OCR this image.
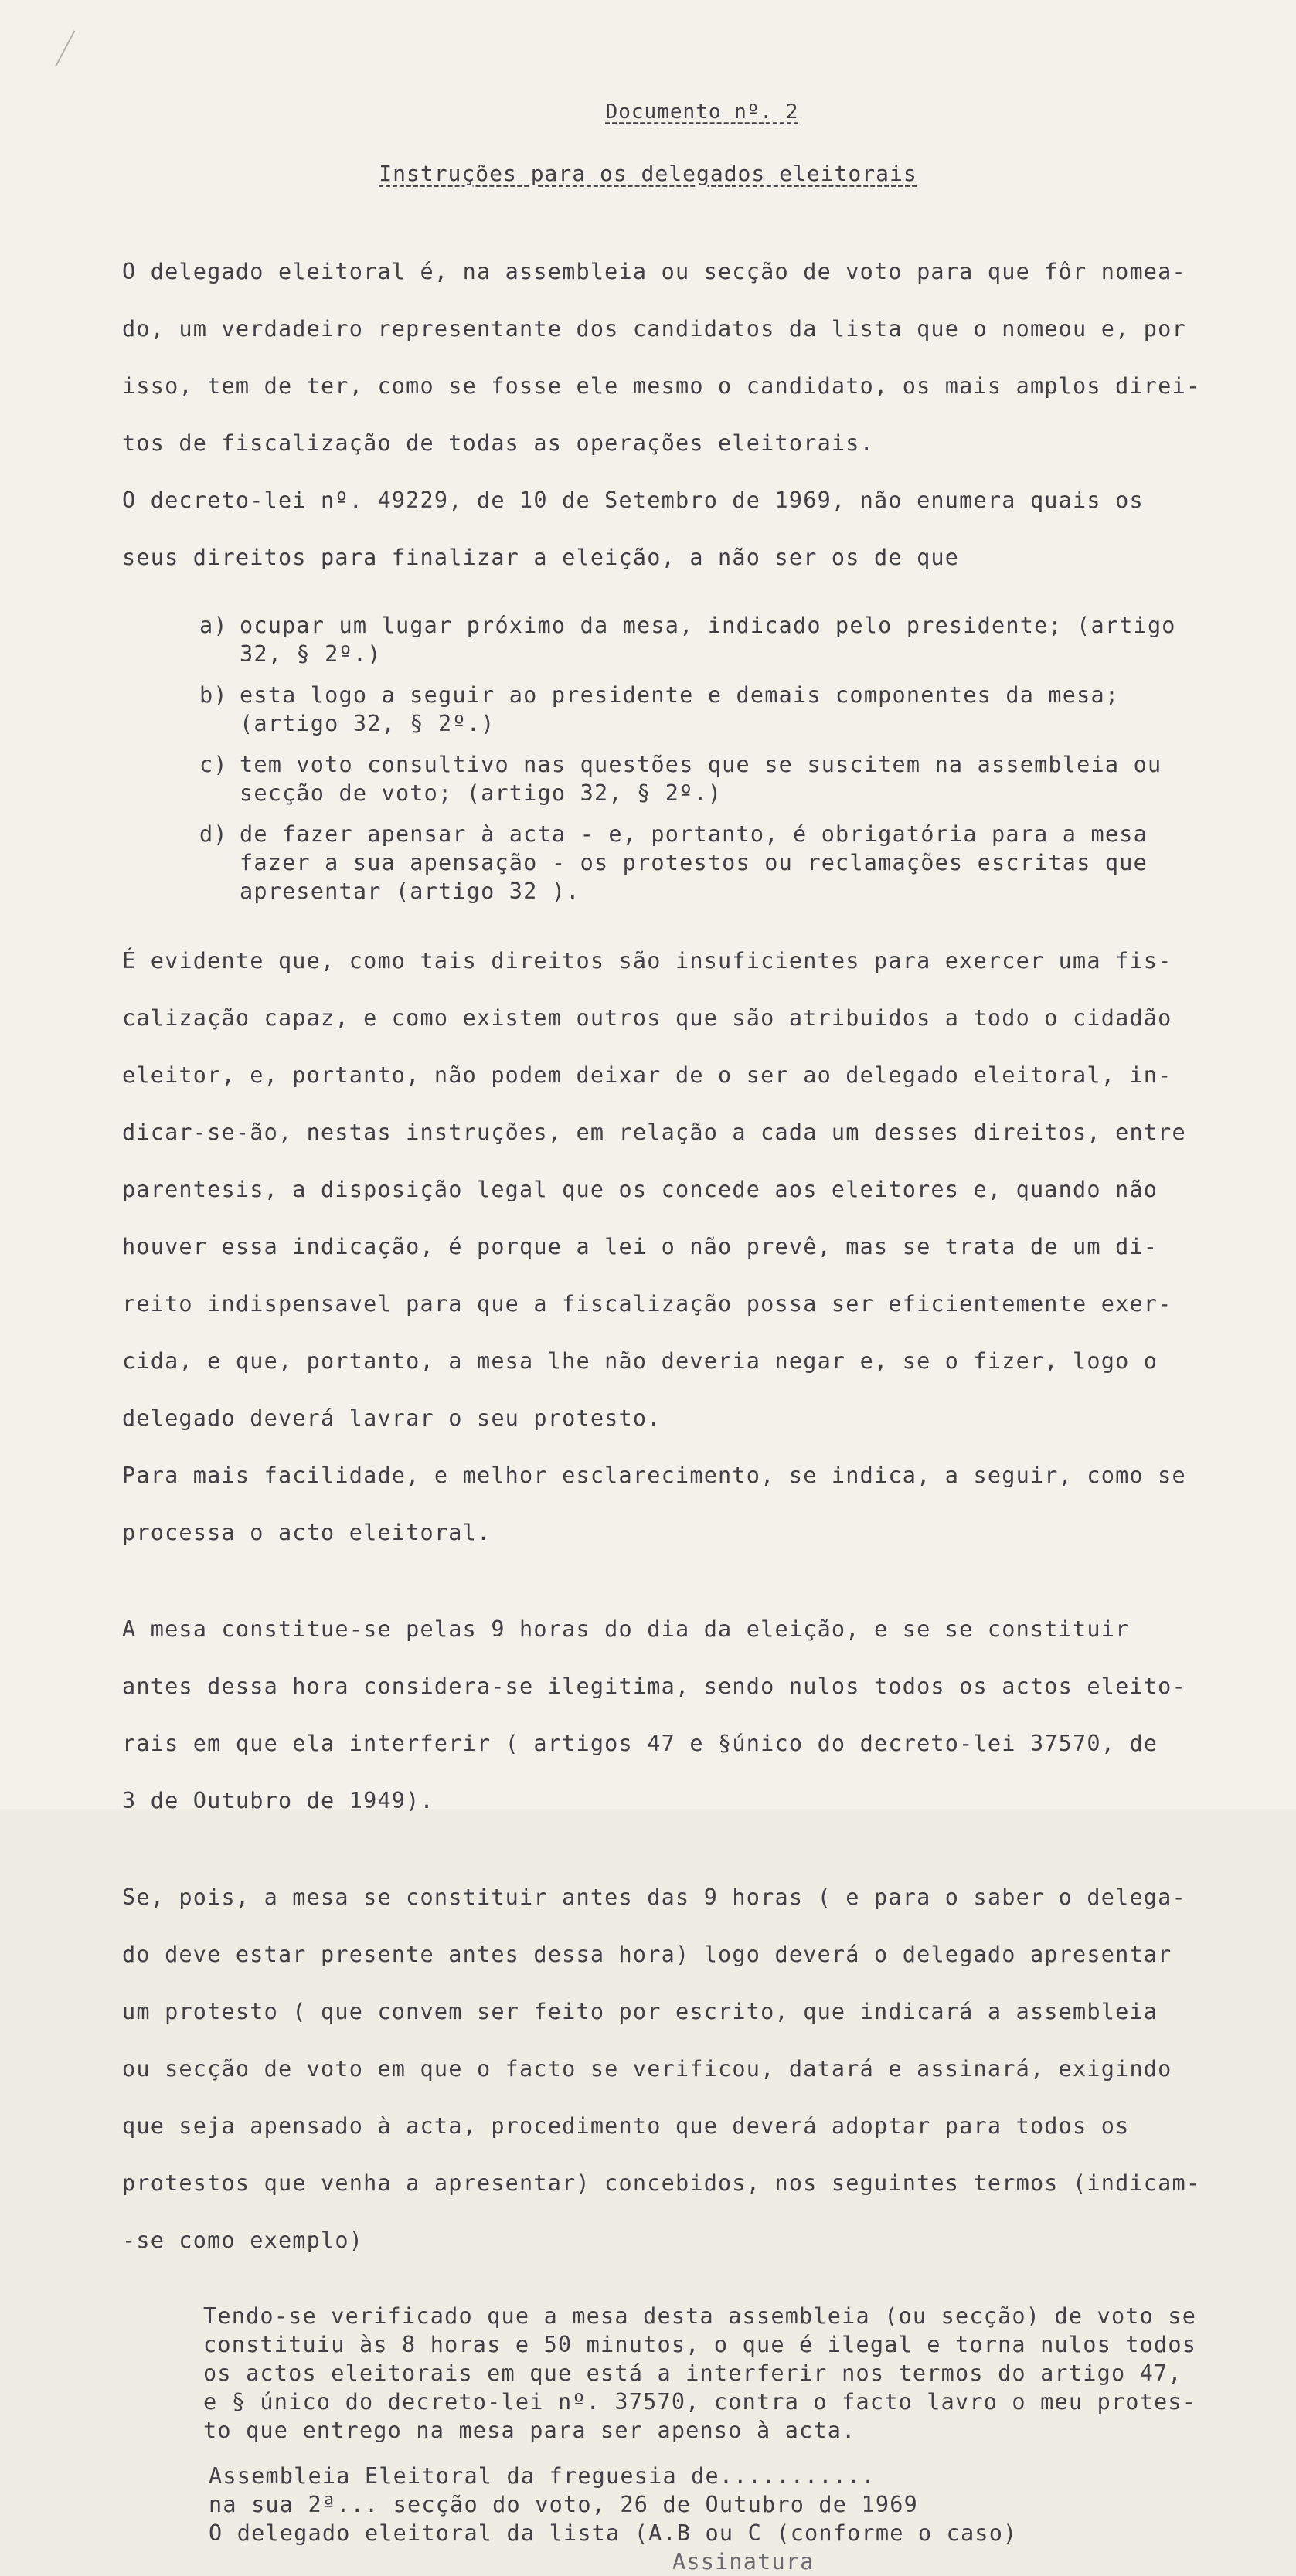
Documento nº. 2
Instruções para os delegados eleitorais

O delegado eleitoral é, na assembleia ou secção de voto para que fôr nomea-

do, um verdadeiro representante dos candidatos da lista que o nomeou e, por

isso, tem de ter, como se fosse ele mesmo o candidato, os mais amplos direi-

tos de fiscalização de todas as operações eleitorais.

O decreto-lei nº. 49229, de 10 de Setembro de 1969, não enumera quais os

seus direitos para finalizar a eleição, a não ser os de que

a) ocupar um lugar próximo da mesa, indicado pelo presidente; (artigo
32, § 2º.)
b) esta logo a seguir ao presidente e demais componentes da mesa;
(artigo 32, § 2º.)
c) tem voto consultivo nas questões que se suscitem na assembleia ou
secção de voto; (artigo 32, § 2º.)
d) de fazer apensar à acta - e, portanto, é obrigatória para a mesa
fazer a sua apensação - os protestos ou reclamações escritas que
apresentar (artigo 32 ).

É evidente que, como tais direitos são insuficientes para exercer uma fis-

calização capaz, e como existem outros que são atribuidos a todo o cidadão

eleitor, e, portanto, não podem deixar de o ser ao delegado eleitoral, in-

dicar-se-ão, nestas instruções, em relação a cada um desses direitos, entre

parentesis, a disposição legal que os concede aos eleitores e, quando não

houver essa indicação, é porque a lei o não prevê, mas se trata de um di-

reito indispensavel para que a fiscalização possa ser eficientemente exer-

cida, e que, portanto, a mesa lhe não deveria negar e, se o fizer, logo o

delegado deverá lavrar o seu protesto.

Para mais facilidade, e melhor esclarecimento, se indica, a seguir, como se

processa o acto eleitoral.

A mesa constitue-se pelas 9 horas do dia da eleição, e se se constituir

antes dessa hora considera-se ilegitima, sendo nulos todos os actos eleito-

rais em que ela interferir ( artigos 47 e §único do decreto-lei 37570, de

3 de Outubro de 1949).

Se, pois, a mesa se constituir antes das 9 horas ( e para o saber o delega-

do deve estar presente antes dessa hora) logo deverá o delegado apresentar

um protesto ( que convem ser feito por escrito, que indicará a assembleia

ou secção de voto em que o facto se verificou, datará e assinará, exigindo

que seja apensado à acta, procedimento que deverá adoptar para todos os

protestos que venha a apresentar) concebidos, nos seguintes termos (indicam-

-se como exemplo)

Tendo-se verificado que a mesa desta assembleia (ou secção) de voto se
constituiu às 8 horas e 50 minutos, o que é ilegal e torna nulos todos
os actos eleitorais em que está a interferir nos termos do artigo 47,
e § único do decreto-lei nº. 37570, contra o facto lavro o meu protes-
to que entrego na mesa para ser apenso à acta.
Assembleia Eleitoral da freguesia de...........
na sua 2ª... secção do voto, 26 de Outubro de 1969
O delegado eleitoral da lista (A.B ou C (conforme o caso)
Assinatura
